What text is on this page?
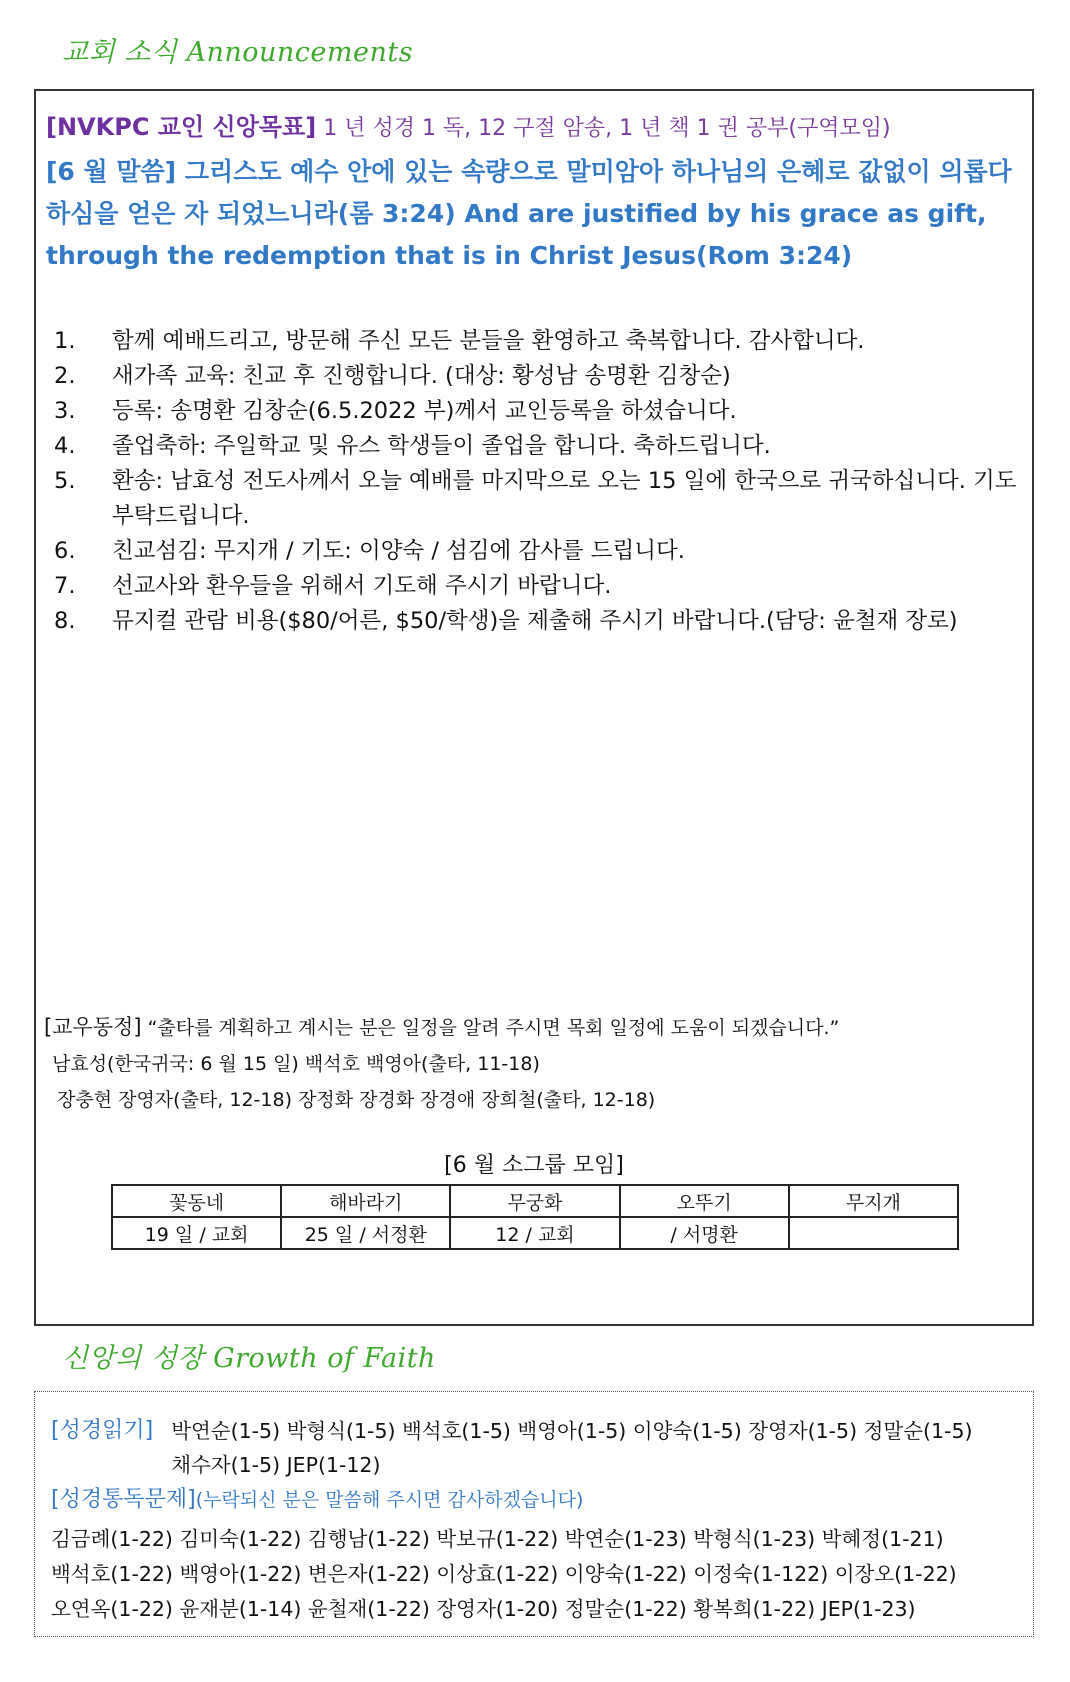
교회 소식 Announcements
[NVKPC 교인 신앙목표] 1 년 성경 1 독, 12 구절 암송, 1 년 책 1 권 공부(구역모임)
[6 월 말씀] 그리스도 예수 안에 있는 속량으로 말미암아 하나님의 은혜로 값없이 의롭다 하심을 얻은 자 되었느니라(롬 3:24) And are justified by his grace as gift, through the redemption that is in Christ Jesus(Rom 3:24)
1.	함께 예배드리고, 방문해 주신 모든 분들을 환영하고 축복합니다. 감사합니다.
2.	새가족 교육: 친교 후 진행합니다. (대상: 황성남 송명환 김창순)
3.	등록: 송명환 김창순(6.5.2022 부)께서 교인등록을 하셨습니다.
4.	졸업축하: 주일학교 및 유스 학생들이 졸업을 합니다. 축하드립니다.
5.	환송: 남효성 전도사께서 오늘 예배를 마지막으로 오는 15 일에 한국으로 귀국하십니다. 기도부탁드립니다.
6.	친교섬김: 무지개 / 기도: 이양숙 / 섬김에 감사를 드립니다.
7.	선교사와 환우들을 위해서 기도해 주시기 바랍니다.
8.	뮤지컬 관람 비용($80/어른, $50/학생)을 제출해 주시기 바랍니다.(담당: 윤철재 장로)
[교우동정] “출타를 계획하고 계시는 분은 일정을 알려 주시면 목회 일정에 도움이 되겠습니다.”
남효성(한국귀국: 6 월 15 일) 백석호 백영아(출타, 11-18)
장충현 장영자(출타, 12-18) 장정화 장경화 장경애 장희철(출타, 12-18)
[6 월 소그룹 모임]
꽃동네	해바라기	무궁화	오뚜기	무지개
19 일 / 교회	25 일 / 서정환	12 / 교회	/ 서명환	
신앙의 성장 Growth of Faith
[성경읽기] 박연순(1-5) 박형식(1-5) 백석호(1-5) 백영아(1-5) 이양숙(1-5) 장영자(1-5) 정말순(1-5)
채수자(1-5) JEP(1-12)
[성경통독문제](누락되신 분은 말씀해 주시면 감사하겠습니다)
김금례(1-22) 김미숙(1-22) 김행남(1-22) 박보규(1-22) 박연순(1-23) 박형식(1-23) 박혜정(1-21)
백석호(1-22) 백영아(1-22) 변은자(1-22) 이상효(1-22) 이양숙(1-22) 이정숙(1-122) 이장오(1-22)
오연옥(1-22) 윤재분(1-14) 윤철재(1-22) 장영자(1-20) 정말순(1-22) 황복희(1-22) JEP(1-23)
